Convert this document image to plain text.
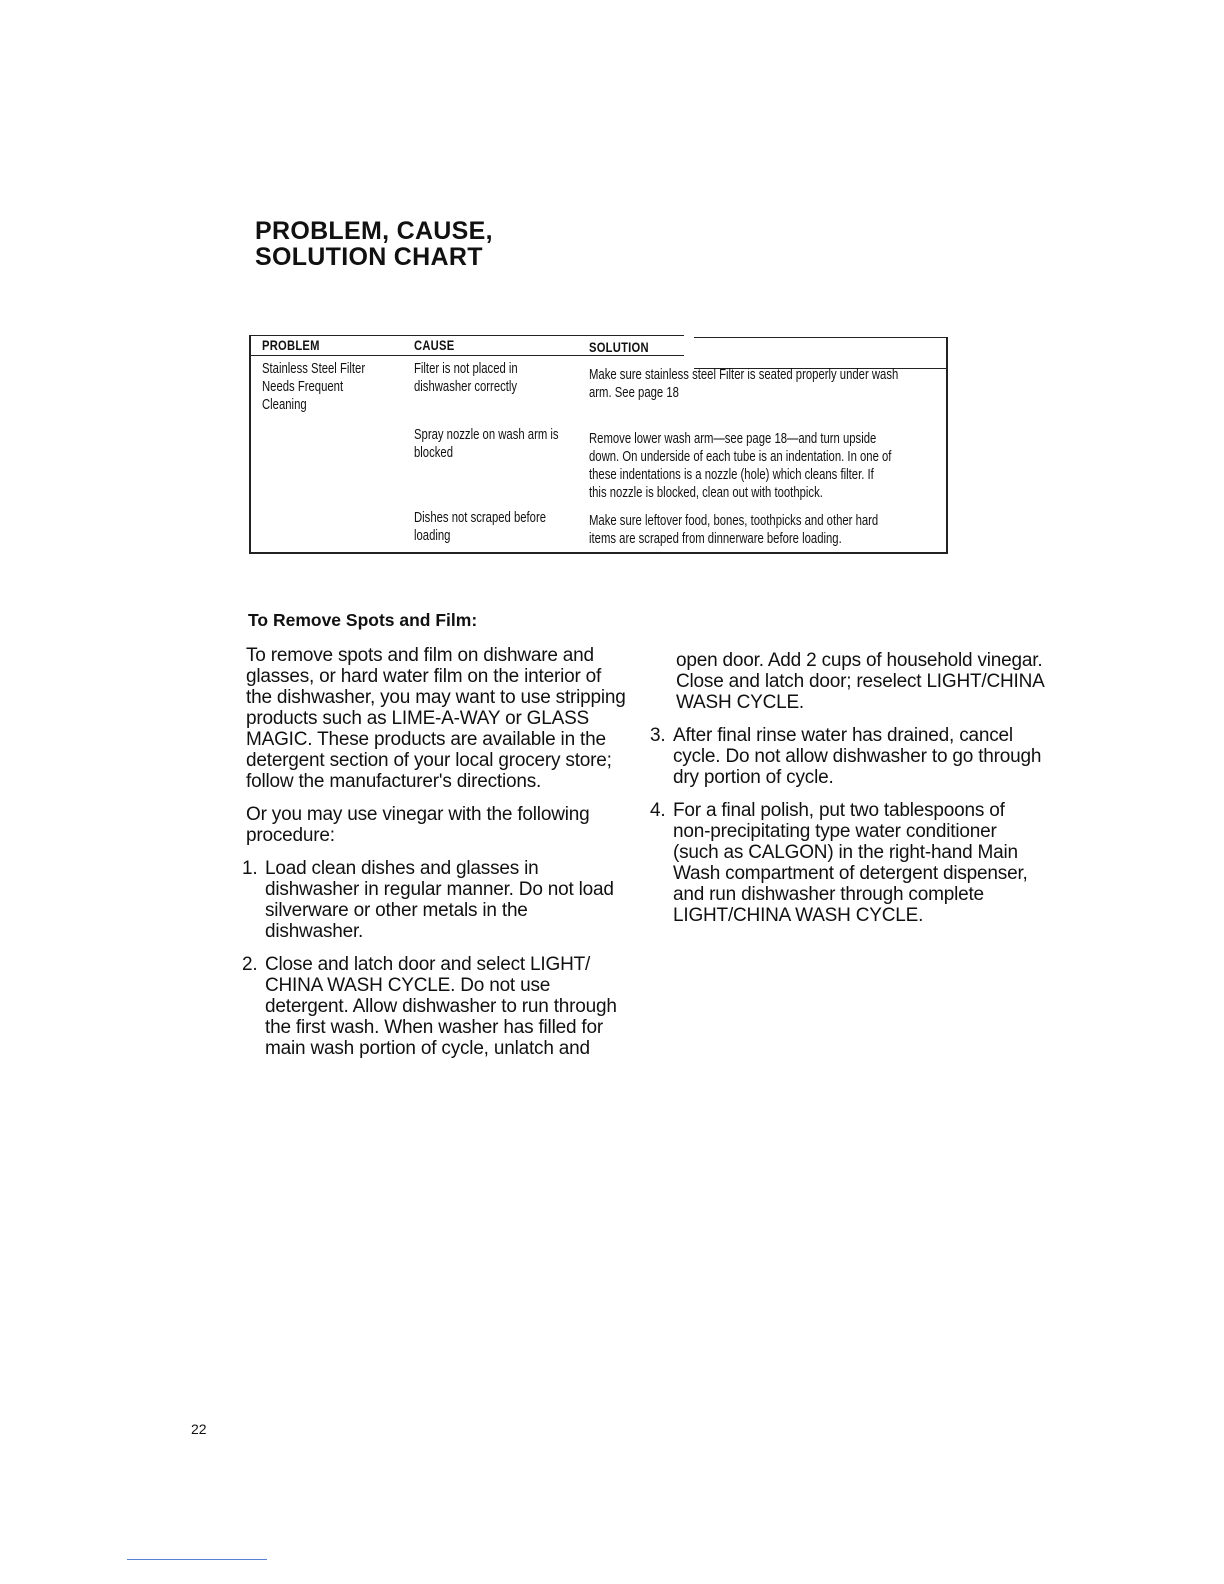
PROBLEM, CAUSE,
SOLUTION CHART
PROBLEM	CAUSE	SOLUTION
Stainless Steel Filter
Needs Frequent
Cleaning
Filter is not placed in
dishwasher correctly
Make sure stainless steel Filter is seated properly under wash
arm. See page 18
Spray nozzle on wash arm is
blocked
Remove lower wash arm—see page 18—and turn upside
down. On underside of each tube is an indentation. In one of
these indentations is a nozzle (hole) which cleans filter. If
this nozzle is blocked, clean out with toothpick.
Dishes not scraped before
loading
Make sure leftover food, bones, toothpicks and other hard
items are scraped from dinnerware before loading.
To Remove Spots and Film:

To remove spots and film on dishware and glasses, or hard water film on the interior of the dishwasher, you may want to use stripping products such as LIME-A-WAY or GLASS MAGIC. These products are available in the detergent section of your local grocery store; follow the manufacturer's directions.

Or you may use vinegar with the following procedure:

1. Load clean dishes and glasses in dishwasher in regular manner. Do not load silverware or other metals in the dishwasher.
2. Close and latch door and select LIGHT/ CHINA WASH CYCLE. Do not use detergent. Allow dishwasher to run through the first wash. When washer has filled for main wash portion of cycle, unlatch and
open door. Add 2 cups of household vinegar. Close and latch door; reselect LIGHT/CHINA WASH CYCLE.
3. After final rinse water has drained, cancel cycle. Do not allow dishwasher to go through dry portion of cycle.
4. For a final polish, put two tablespoons of non-precipitating type water conditioner (such as CALGON) in the right-hand Main Wash compartment of detergent dispenser, and run dishwasher through complete LIGHT/CHINA WASH CYCLE.
22
